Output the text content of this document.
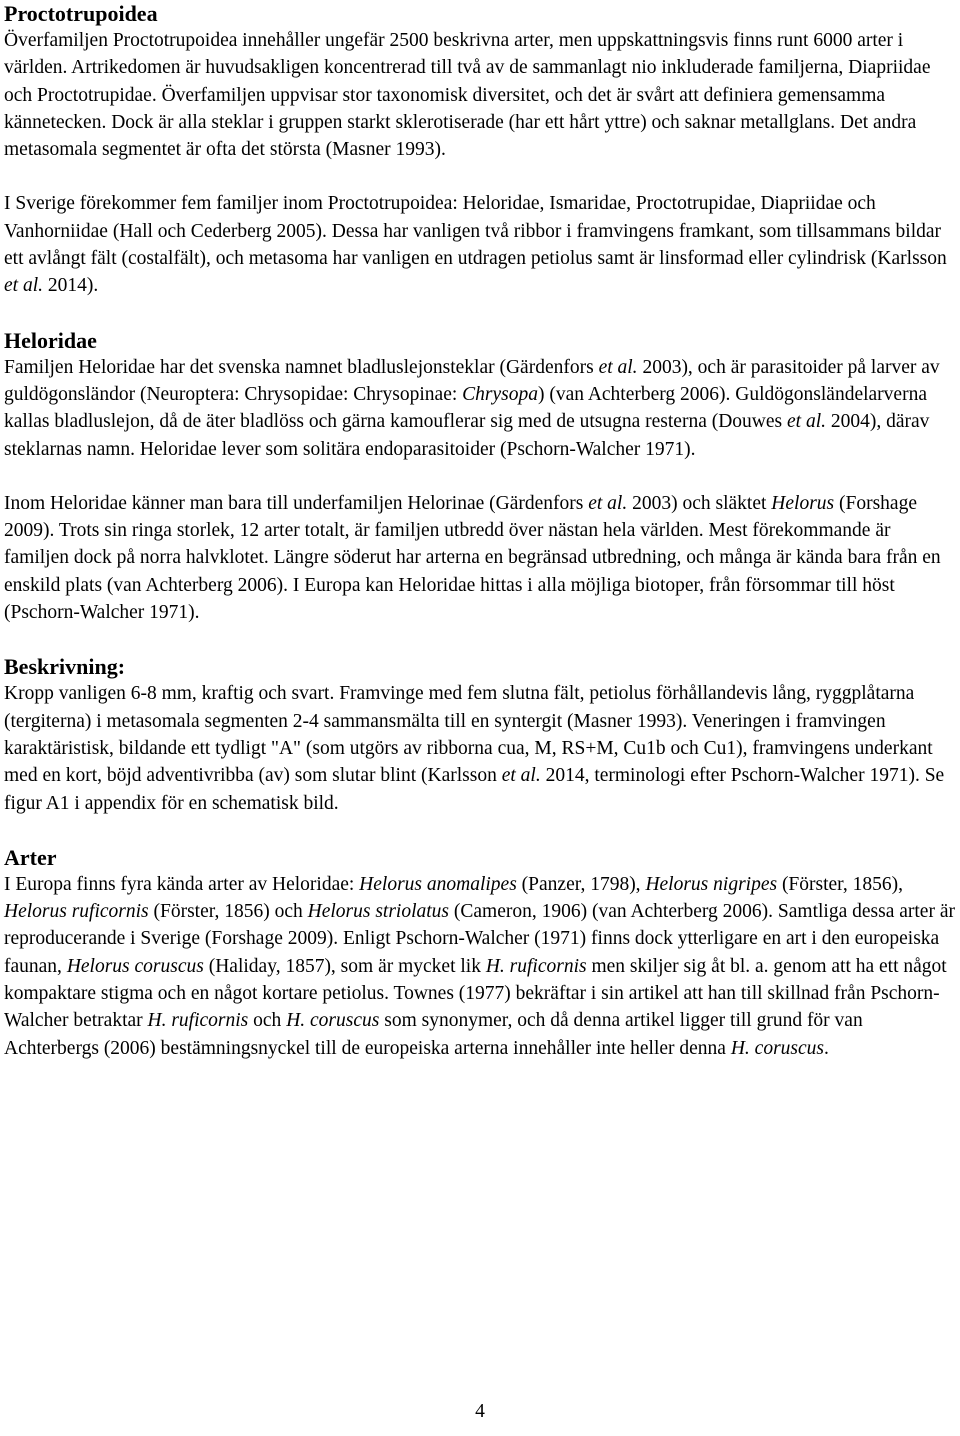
Proctotrupoidea

Överfamiljen Proctotrupoidea innehåller ungefär 2500 beskrivna arter, men uppskattningsvis finns runt 6000 arter i världen. Artrikedomen är huvudsakligen koncentrerad till två av de sammanlagt nio inkluderade familjerna, Diapriidae och Proctotrupidae. Överfamiljen uppvisar stor taxonomisk diversitet, och det är svårt att definiera gemensamma kännetecken. Dock är alla steklar i gruppen starkt sklerotiserade (har ett hårt yttre) och saknar metallglans. Det andra metasomala segmentet är ofta det största (Masner 1993).

I Sverige förekommer fem familjer inom Proctotrupoidea: Heloridae, Ismaridae, Proctotrupidae, Diapriidae och Vanhorniidae (Hall och Cederberg 2005). Dessa har vanligen två ribbor i framvingens framkant, som tillsammans bildar ett avlångt fält (costalfält), och metasoma har vanligen en utdragen petiolus samt är linsformad eller cylindrisk (Karlsson et al. 2014).

Heloridae

Familjen Heloridae har det svenska namnet bladluslejonsteklar (Gärdenfors et al. 2003), och är parasitoider på larver av guldögonsländor (Neuroptera: Chrysopidae: Chrysopinae: Chrysopa) (van Achterberg 2006). Guldögonsländelarverna kallas bladluslejon, då de äter bladlöss och gärna kamouflerar sig med de utsugna resterna (Douwes et al. 2004), därav steklarnas namn. Heloridae lever som solitära endoparasitoider (Pschorn-Walcher 1971).

Inom Heloridae känner man bara till underfamiljen Helorinae (Gärdenfors et al. 2003) och släktet Helorus (Forshage 2009). Trots sin ringa storlek, 12 arter totalt, är familjen utbredd över nästan hela världen. Mest förekommande är familjen dock på norra halvklotet. Längre söderut har arterna en begränsad utbredning, och många är kända bara från en enskild plats (van Achterberg 2006). I Europa kan Heloridae hittas i alla möjliga biotoper, från försommar till höst (Pschorn-Walcher 1971).

Beskrivning:

Kropp vanligen 6-8 mm, kraftig och svart. Framvinge med fem slutna fält, petiolus förhållandevis lång, ryggplåtarna (tergiterna) i metasomala segmenten 2-4 sammansmälta till en syntergit (Masner 1993). Veneringen i framvingen karaktäristisk, bildande ett tydligt "A" (som utgörs av ribborna cua, M, RS+M, Cu1b och Cu1), framvingens underkant med en kort, böjd adventivribba (av) som slutar blint (Karlsson et al. 2014, terminologi efter Pschorn-Walcher 1971). Se figur A1 i appendix för en schematisk bild.

Arter

I Europa finns fyra kända arter av Heloridae: Helorus anomalipes (Panzer, 1798), Helorus nigripes (Förster, 1856), Helorus ruficornis (Förster, 1856) och Helorus striolatus (Cameron, 1906) (van Achterberg 2006). Samtliga dessa arter är reproducerande i Sverige (Forshage 2009). Enligt Pschorn-Walcher (1971) finns dock ytterligare en art i den europeiska faunan, Helorus coruscus (Haliday, 1857), som är mycket lik H. ruficornis men skiljer sig åt bl. a. genom att ha ett något kompaktare stigma och en något kortare petiolus. Townes (1977) bekräftar i sin artikel att han till skillnad från Pschorn-Walcher betraktar H. ruficornis och H. coruscus som synonymer, och då denna artikel ligger till grund för van Achterbergs (2006) bestämningsnyckel till de europeiska arterna innehåller inte heller denna H. coruscus.

4
